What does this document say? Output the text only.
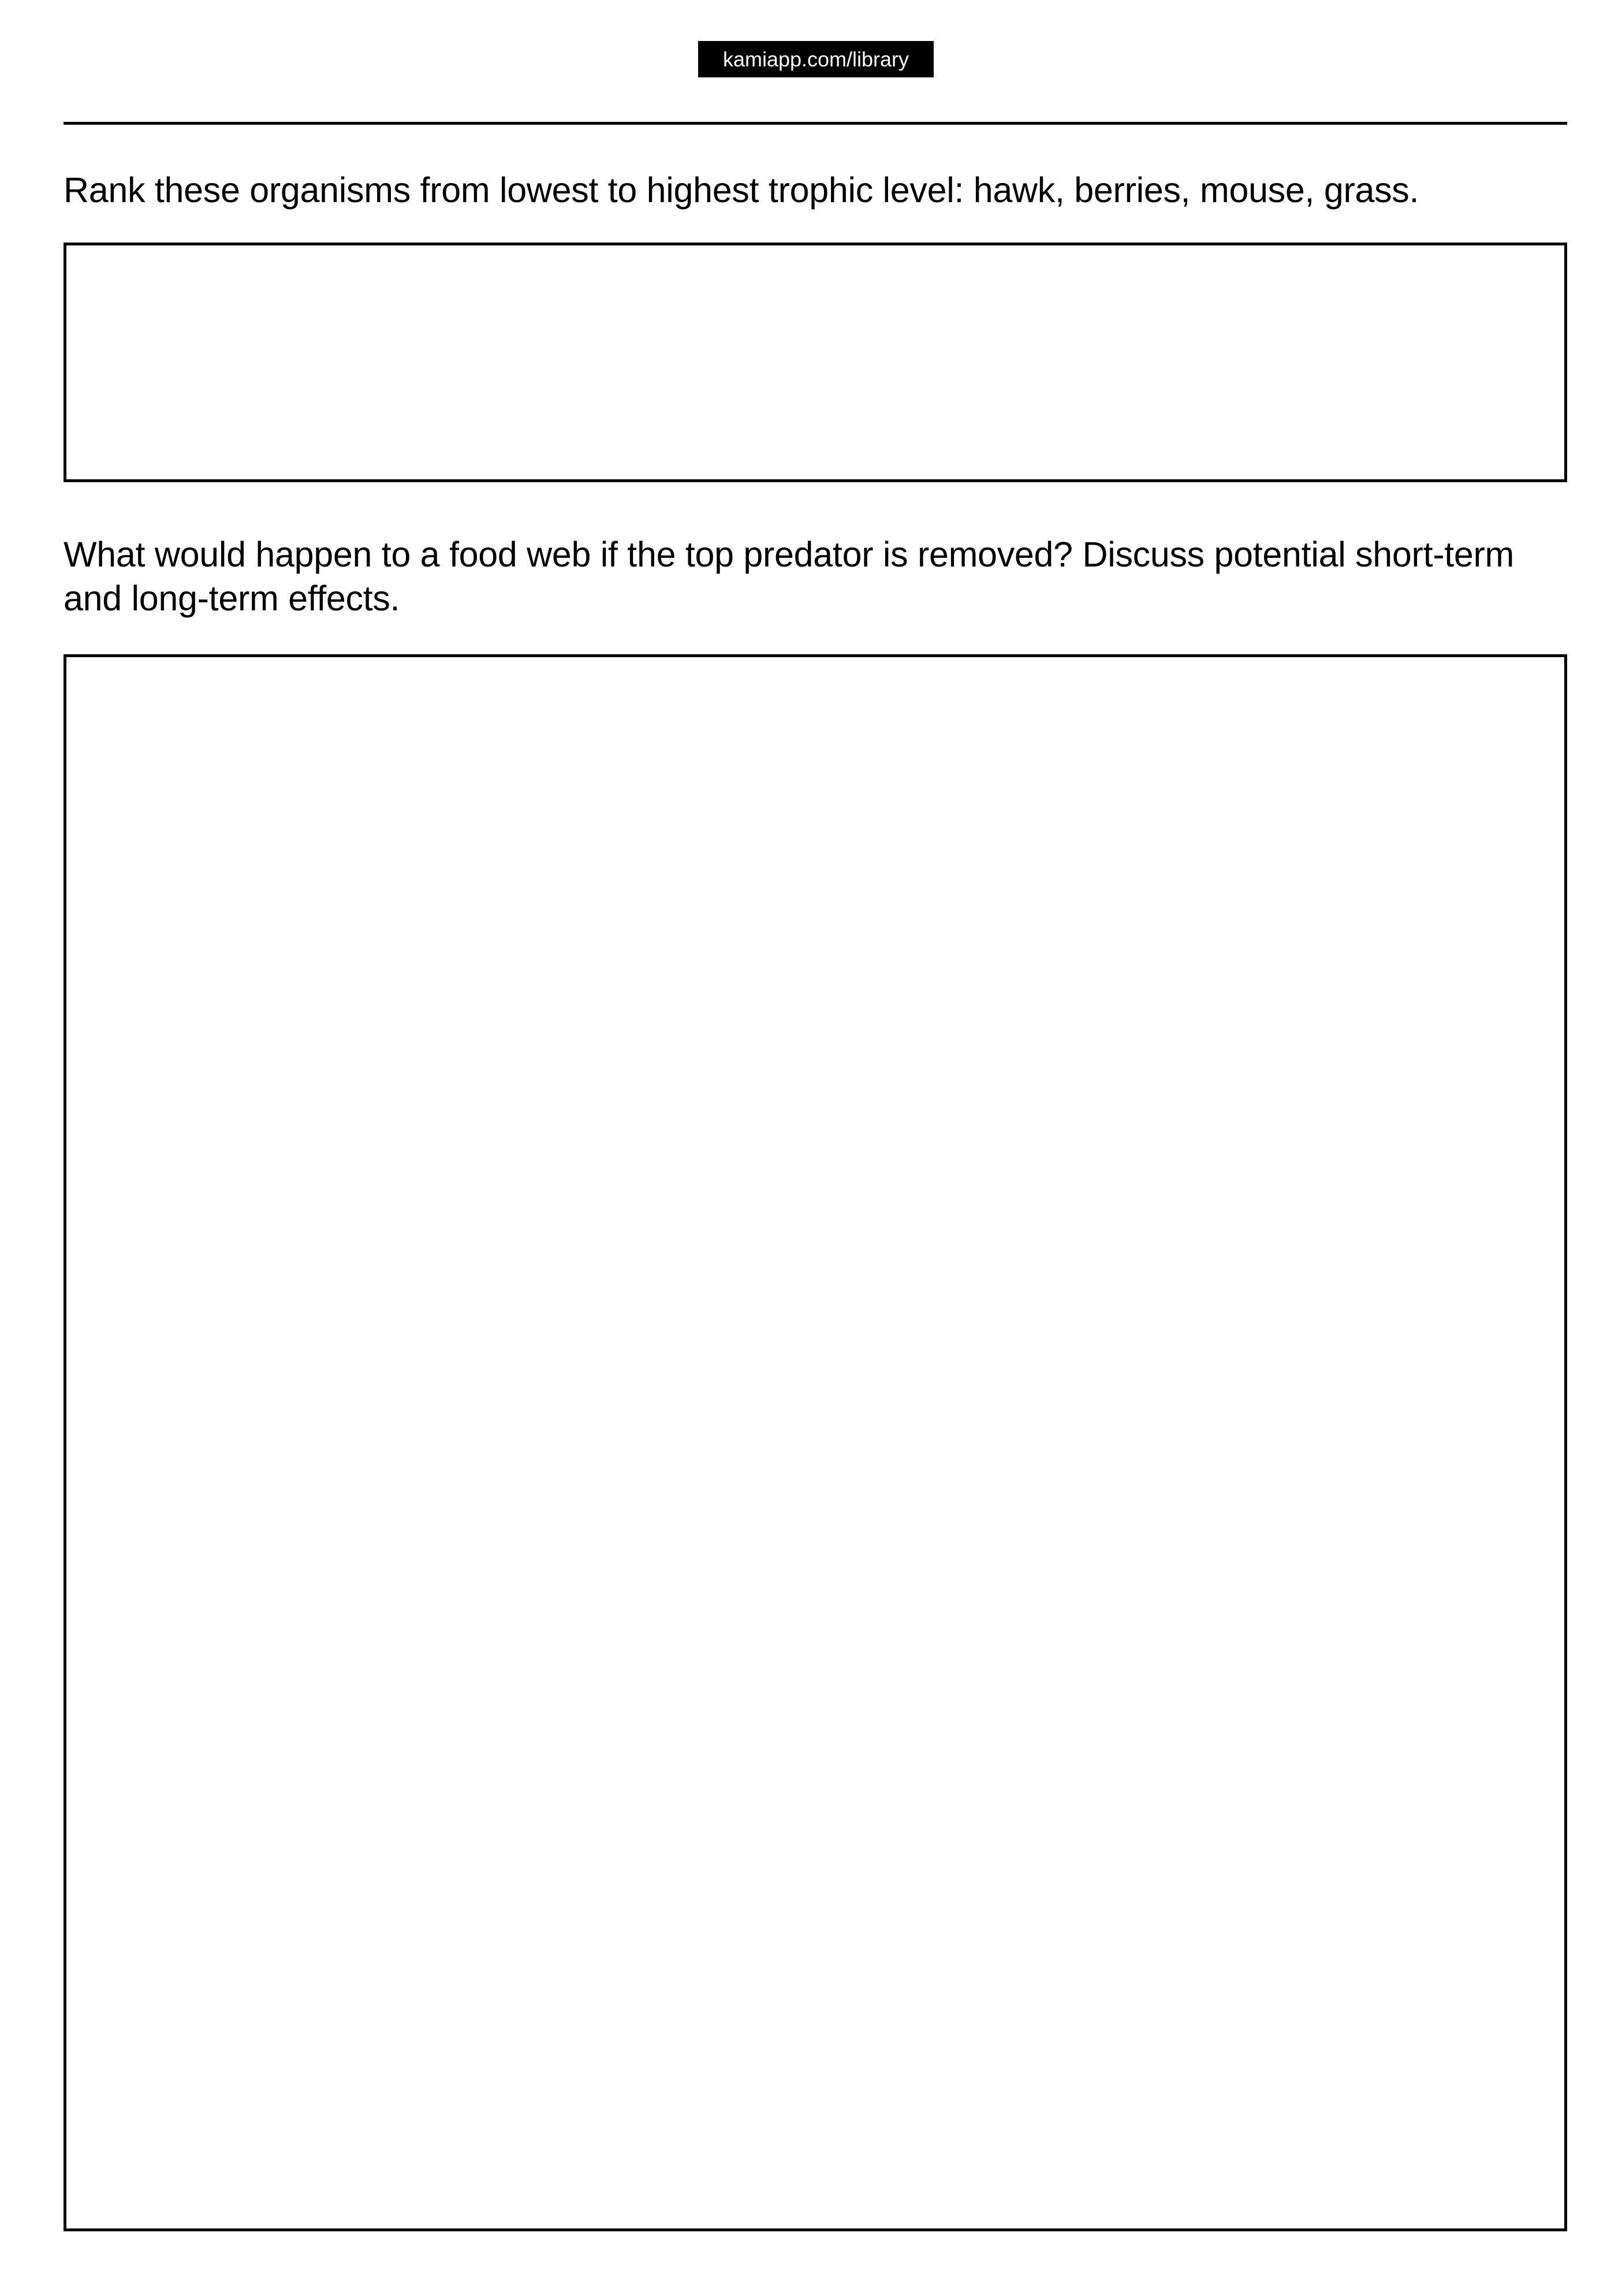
kamiapp.com/library

Rank these organisms from lowest to highest trophic level: hawk, berries, mouse, grass.

What would happen to a food web if the top predator is removed? Discuss potential short-term and long-term effects.
